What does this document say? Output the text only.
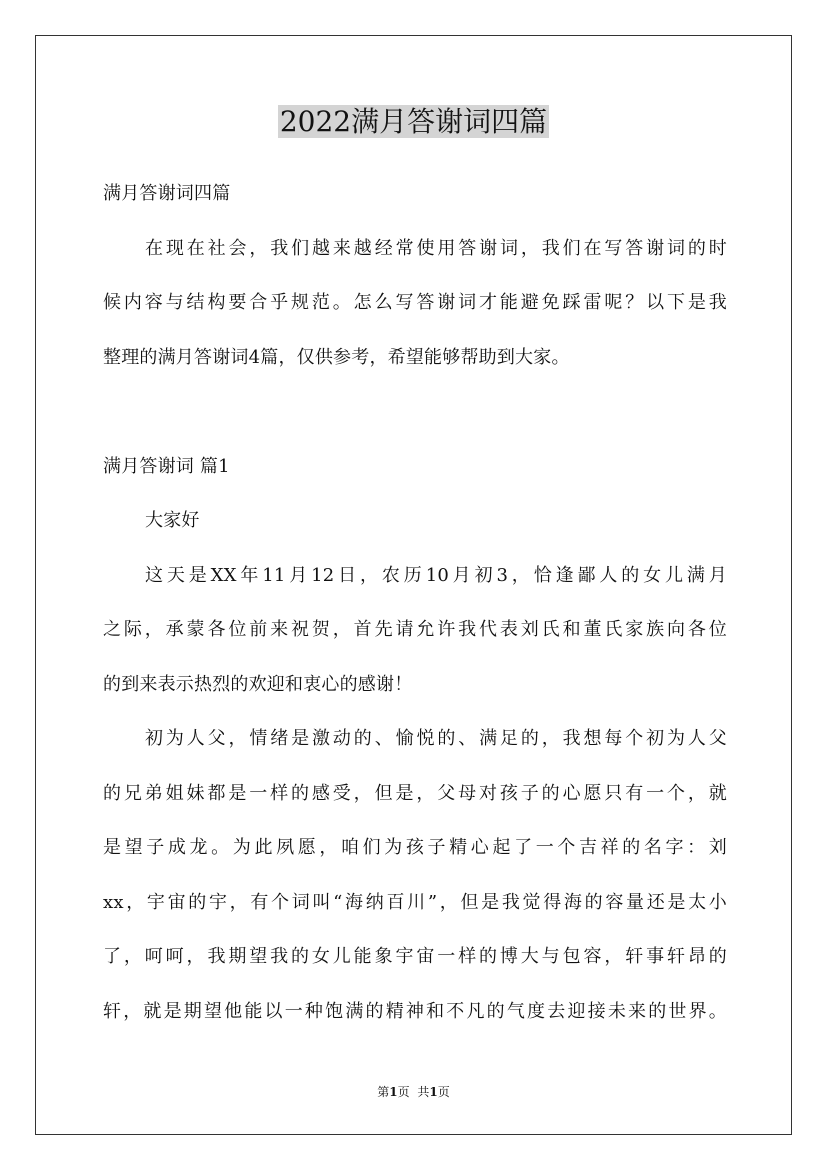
2022满月答谢词四篇
满月答谢词四篇
在现在社会，我们越来越经常使用答谢词，我们在写答谢词的时
候内容与结构要合乎规范。怎么写答谢词才能避免踩雷呢？以下是我
整理的满月答谢词4篇，仅供参考，希望能够帮助到大家。
满月答谢词 篇1
大家好
这天是XX年11月12日，农历10月初3，恰逢鄙人的女儿满月
之际，承蒙各位前来祝贺，首先请允许我代表刘氏和董氏家族向各位
的到来表示热烈的欢迎和衷心的感谢！
初为人父，情绪是激动的、愉悦的、满足的，我想每个初为人父
的兄弟姐妹都是一样的感受，但是，父母对孩子的心愿只有一个，就
是望子成龙。为此夙愿，咱们为孩子精心起了一个吉祥的名字：刘
xx，宇宙的宇，有个词叫“海纳百川”，但是我觉得海的容量还是太小
了，呵呵，我期望我的女儿能象宇宙一样的博大与包容，轩事轩昂的
轩，就是期望他能以一种饱满的精神和不凡的气度去迎接未来的世界。
第1页 共1页
